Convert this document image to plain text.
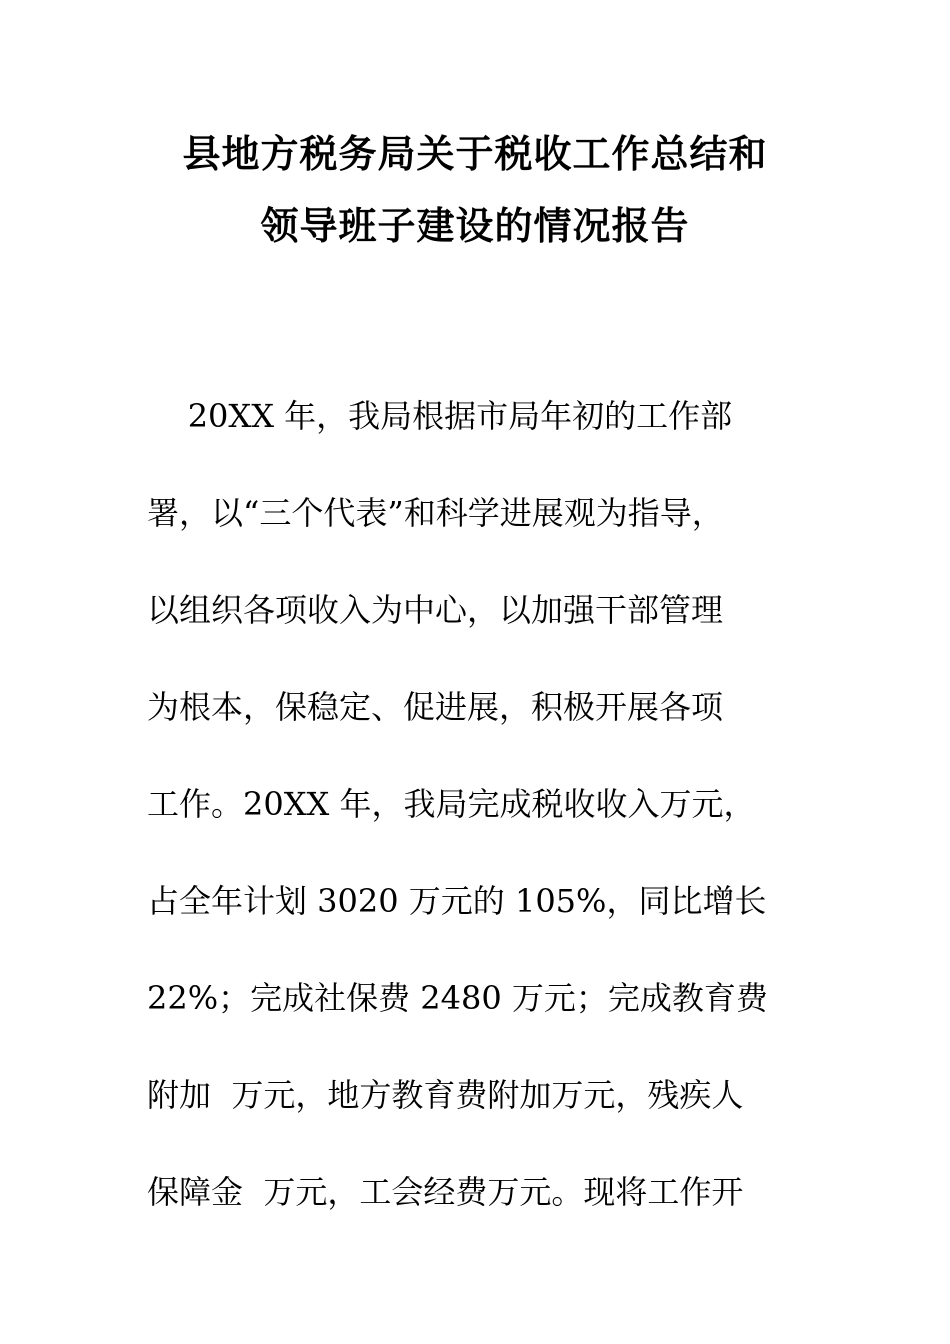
县地方税务局关于税收工作总结和
领导班子建设的情况报告
20XX 年，我局根据市局年初的工作部
署，以“三个代表”和科学进展观为指导，
以组织各项收入为中心，以加强干部管理
为根本，保稳定、促进展，积极开展各项
工作。20XX 年，我局完成税收收入万元，
占全年计划 3020 万元的 105%，同比增长
22%；完成社保费 2480 万元；完成教育费
附加  万元，地方教育费附加万元，残疾人
保障金  万元，工会经费万元。现将工作开
